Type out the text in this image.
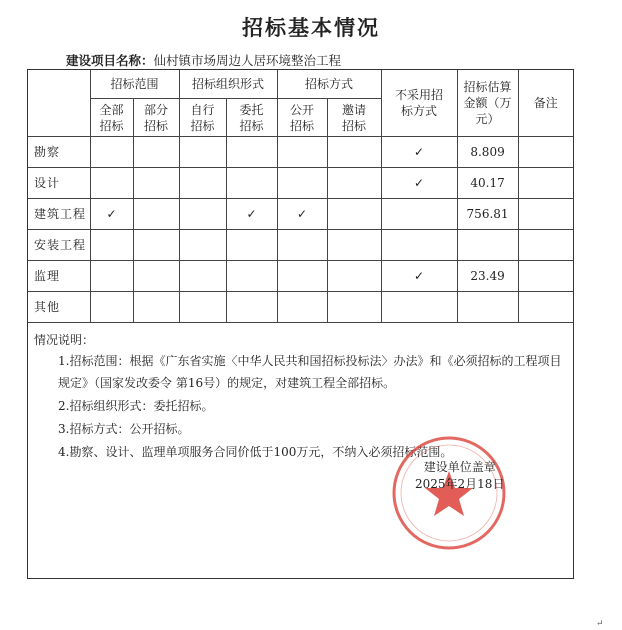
招标基本情况
建设项目名称：仙村镇市场周边人居环境整治工程
	招标范围		招标组织形式		招标方式		不采用招标方式	招标估算金额（万元）	备注
	全部招标	部分招标	自行招标	委托招标	公开招标	邀请招标			
勘察							✓	8.809	
设计							✓	40.17	
建筑工程	✓			✓	✓			756.81	
安装工程									
监理							✓	23.49	
其他									
情况说明：
1.招标范围：根据《广东省实施〈中华人民共和国招标投标法〉办法》和《必须招标的工程项目规定》（国家发改委令 第16号）的规定，对建筑工程全部招标。
2.招标组织形式：委托招标。
3.招标方式：公开招标。
4.勘察、设计、监理单项服务合同价低于100万元，不纳入必须招标范围。
建设单位盖章
2025年2月18日
↵
